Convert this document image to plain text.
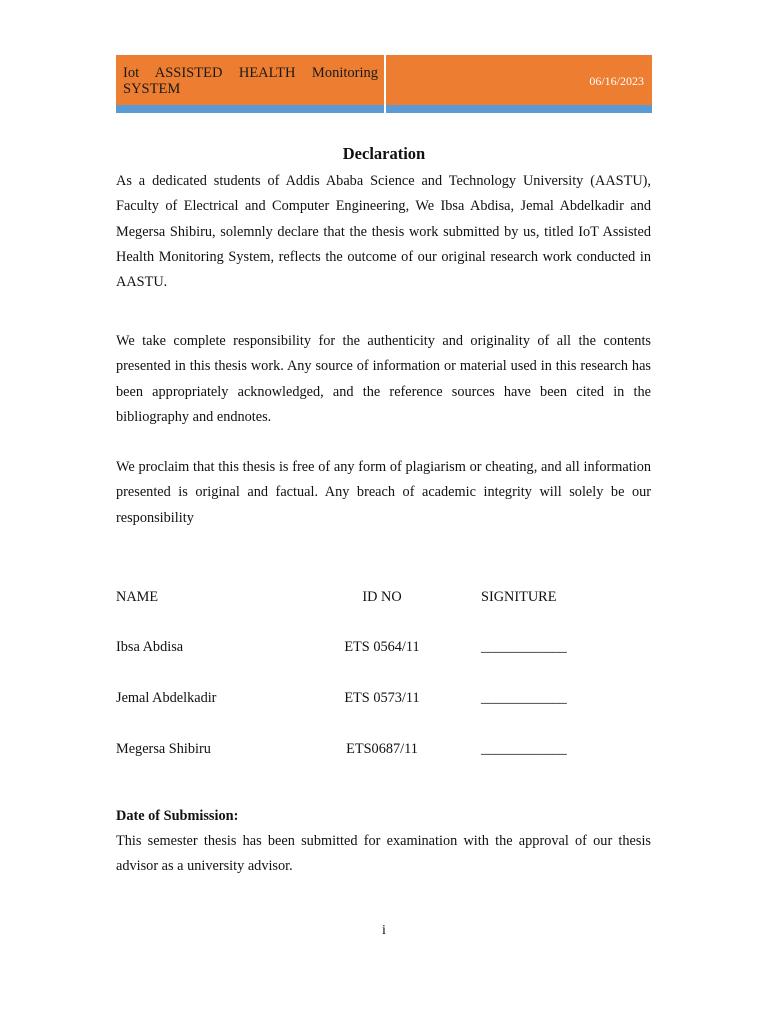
Iot ASSISTED HEALTH Monitoring SYSTEM
06/16/2023
Declaration

As a dedicated students of Addis Ababa Science and Technology University (AASTU), Faculty of Electrical and Computer Engineering, We Ibsa Abdisa, Jemal Abdelkadir and Megersa Shibiru, solemnly declare that the thesis work submitted by us, titled IoT Assisted Health Monitoring System, reflects the outcome of our original research work conducted in AASTU.

We take complete responsibility for the authenticity and originality of all the contents presented in this thesis work. Any source of information or material used in this research has been appropriately acknowledged, and the reference sources have been cited in the bibliography and endnotes.

We proclaim that this thesis is free of any form of plagiarism or cheating, and all information presented is original and factual. Any breach of academic integrity will solely be our responsibility

NAME	ID NO	SIGNITURE
Ibsa Abdisa	ETS 0564/11	____________
Jemal Abdelkadir	ETS 0573/11	____________
Megersa Shibiru	ETS0687/11	____________
Date of Submission:

This semester thesis has been submitted for examination with the approval of our thesis advisor as a university advisor.

i
